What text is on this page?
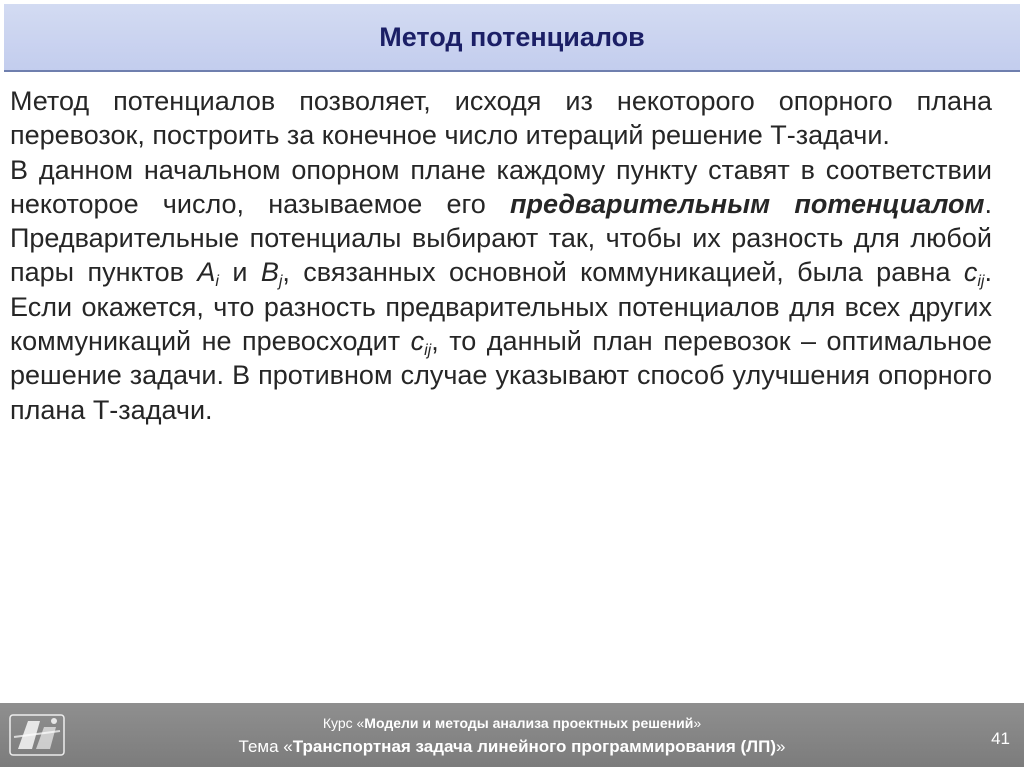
Метод потенциалов

Метод потенциалов позволяет, исходя из некоторого опорного плана перевозок, построить за конечное число итераций решение Т-задачи.

В данном начальном опорном плане каждому пункту ставят в соответствии некоторое число, называемое его предварительным потенциалом. Предварительные потенциалы выбирают так, чтобы их разность для любой пары пунктов $A_i$ и $B_j$, связанных основной коммуникацией, была равна $c_{ij}$. Если окажется, что разность предварительных потенциалов для всех других коммуникаций не превосходит $c_{ij}$, то данный план перевозок – оптимальное решение задачи. В противном случае указывают способ улучшения опорного плана Т-задачи.

Курс «Модели и методы анализа проектных решений»
Тема «Транспортная задача линейного программирования (ЛП)»	41
